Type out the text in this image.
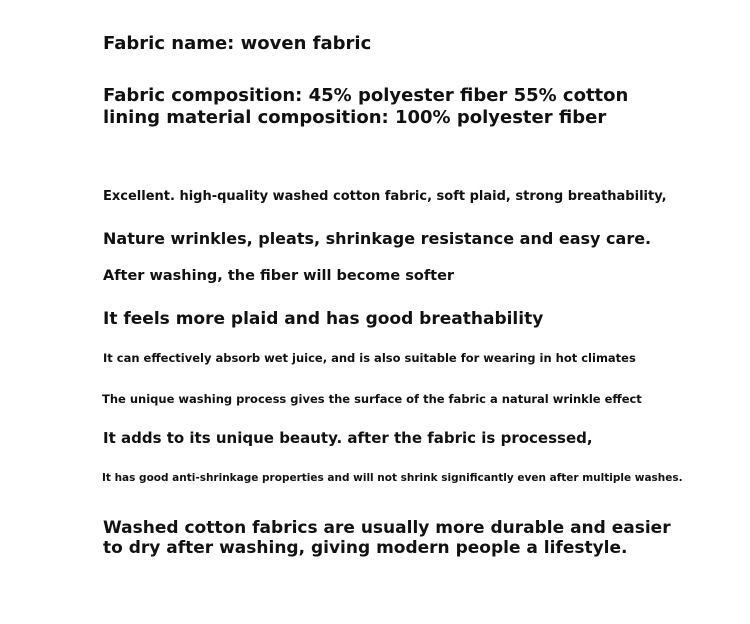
Fabric name: woven fabric

Fabric composition: 45% polyester fiber 55% cotton

lining material composition: 100% polyester fiber

Excellent. high-quality washed cotton fabric, soft plaid, strong breathability,

Nature wrinkles, pleats, shrinkage resistance and easy care.

After washing, the fiber will become softer

It feels more plaid and has good breathability

It can effectively absorb wet juice, and is also suitable for wearing in hot climates

The unique washing process gives the surface of the fabric a natural wrinkle effect

It adds to its unique beauty. after the fabric is processed,

It has good anti-shrinkage properties and will not shrink significantly even after multiple washes.

Washed cotton fabrics are usually more durable and easier

to dry after washing, giving modern people a lifestyle.
